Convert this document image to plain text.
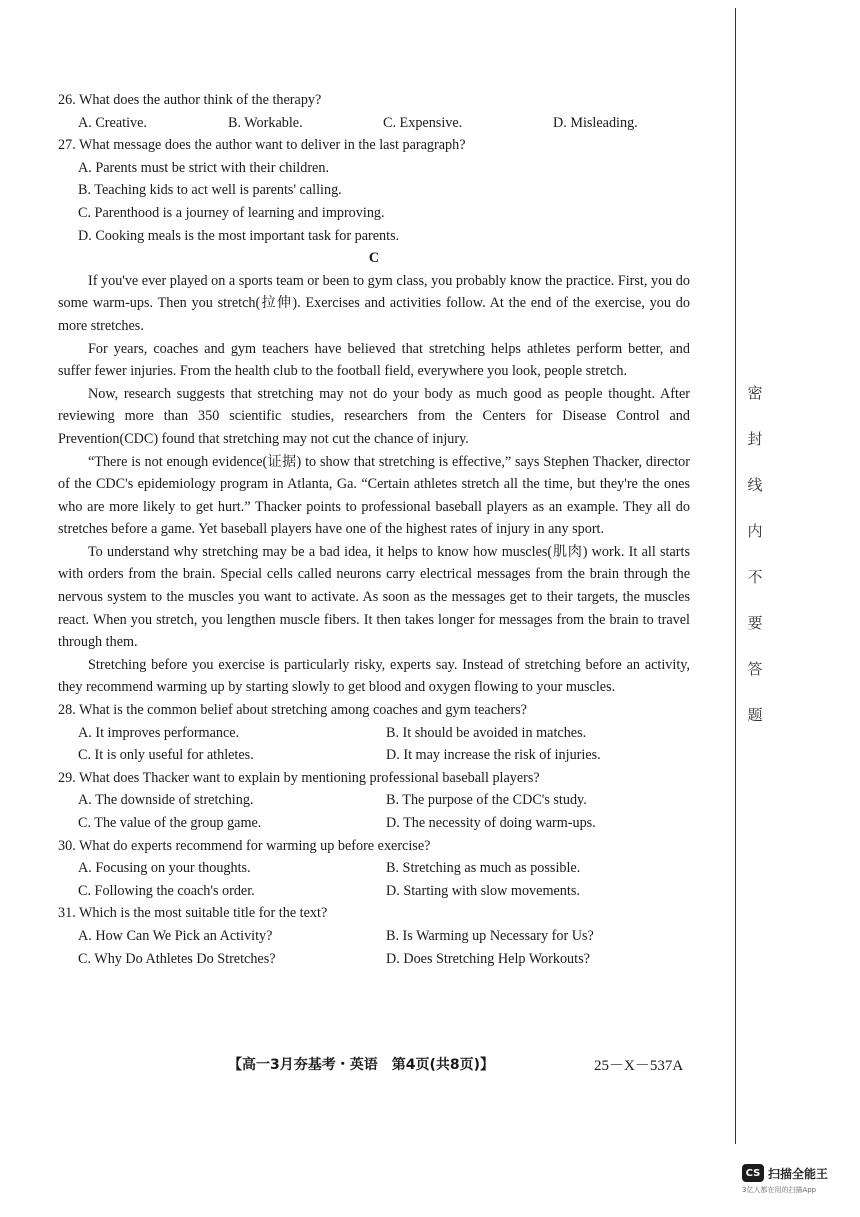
26. What does the author think of the therapy?

A. Creative.	B. Workable.	C. Expensive.	D. Misleading.

27. What message does the author want to deliver in the last paragraph?

A. Parents must be strict with their children.

B. Teaching kids to act well is parents' calling.

C. Parenthood is a journey of learning and improving.

D. Cooking meals is the most important task for parents.

C

If you've ever played on a sports team or been to gym class, you probably know the practice. First, you do some warm-ups. Then you stretch(拉伸). Exercises and activities follow. At the end of the exercise, you do more stretches.

For years, coaches and gym teachers have believed that stretching helps athletes perform better, and suffer fewer injuries. From the health club to the football field, everywhere you look, people stretch.

Now, research suggests that stretching may not do your body as much good as people thought. After reviewing more than 350 scientific studies, researchers from the Centers for Disease Control and Prevention(CDC) found that stretching may not cut the chance of injury.

“There is not enough evidence(证据) to show that stretching is effective,” says Stephen Thacker, director of the CDC's epidemiology program in Atlanta, Ga. “Certain athletes stretch all the time, but they're the ones who are more likely to get hurt.” Thacker points to professional baseball players as an example. They all do stretches before a game. Yet baseball players have one of the highest rates of injury in any sport.

To understand why stretching may be a bad idea, it helps to know how muscles(肌肉) work. It all starts with orders from the brain. Special cells called neurons carry electrical messages from the brain through the nervous system to the muscles you want to activate. As soon as the messages get to their targets, the muscles react. When you stretch, you lengthen muscle fibers. It then takes longer for messages from the brain to travel through them.

Stretching before you exercise is particularly risky, experts say. Instead of stretching before an activity, they recommend warming up by starting slowly to get blood and oxygen flowing to your muscles.

28. What is the common belief about stretching among coaches and gym teachers?

A. It improves performance.	B. It should be avoided in matches.
C. It is only useful for athletes.	D. It may increase the risk of injuries.

29. What does Thacker want to explain by mentioning professional baseball players?

A. The downside of stretching.	B. The purpose of the CDC's study.
C. The value of the group game.	D. The necessity of doing warm-ups.

30. What do experts recommend for warming up before exercise?

A. Focusing on your thoughts.	B. Stretching as much as possible.
C. Following the coach's order.	D. Starting with slow movements.

31. Which is the most suitable title for the text?

A. How Can We Pick an Activity?	B. Is Warming up Necessary for Us?
C. Why Do Athletes Do Stretches?	D. Does Stretching Help Workouts?
【高一3月夯基考・英语　第4页(共8页)】	25－X－537A
密
封
线
内
不
要
答
题
CS 扫描全能王
3亿人都在用的扫描App
